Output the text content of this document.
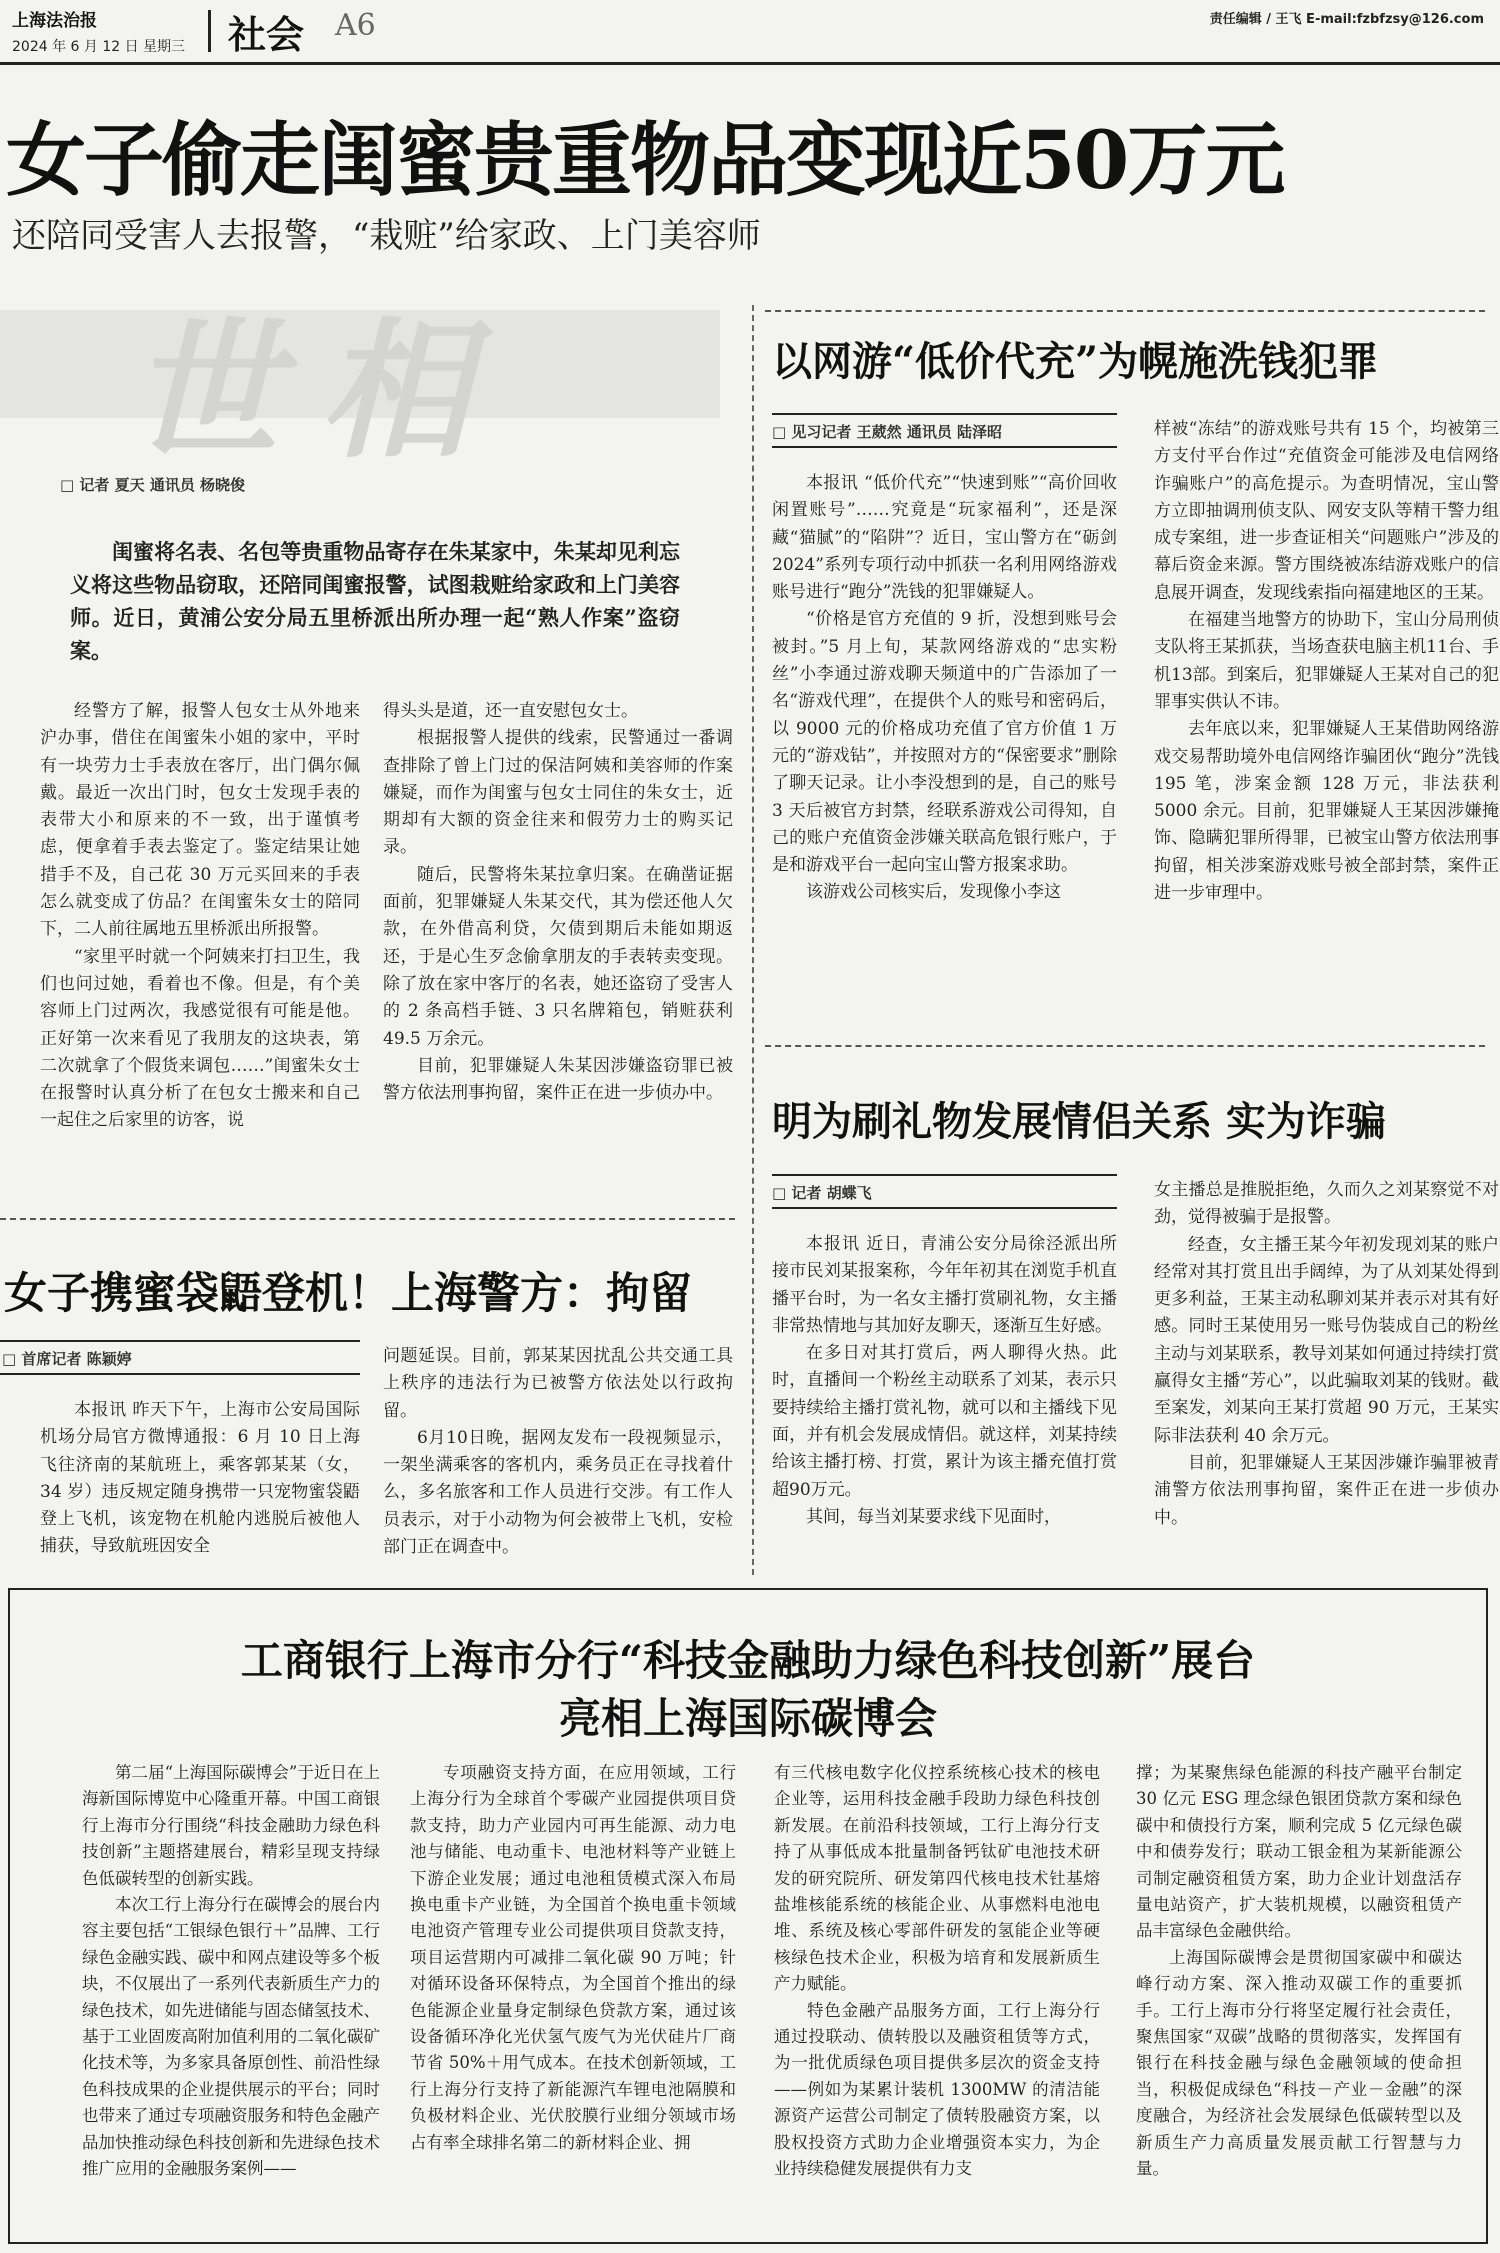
上海法治报
2024 年 6 月 12 日 星期三 社会 A6	责任编辑 / 王飞 E-mail:fzbfzsy@126.com
女子偷走闺蜜贵重物品变现近50万元
还陪同受害人去报警，“栽赃”给家政、上门美容师
世相
□ 记者 夏天 通讯员 杨晓俊
闺蜜将名表、名包等贵重物品寄存在朱某家中，朱某却见利忘义将这些物品窃取，还陪同闺蜜报警，试图栽赃给家政和上门美容师。近日，黄浦公安分局五里桥派出所办理一起“熟人作案”盗窃案。

经警方了解，报警人包女士从外地来沪办事，借住在闺蜜朱小姐的家中，平时有一块劳力士手表放在客厅，出门偶尔佩戴。最近一次出门时，包女士发现手表的表带大小和原来的不一致，出于谨慎考虑，便拿着手表去鉴定了。鉴定结果让她措手不及，自己花 30 万元买回来的手表怎么就变成了仿品？在闺蜜朱女士的陪同下，二人前往属地五里桥派出所报警。

“家里平时就一个阿姨来打扫卫生，我们也问过她，看着也不像。但是，有个美容师上门过两次，我感觉很有可能是他。正好第一次来看见了我朋友的这块表，第二次就拿了个假货来调包……”闺蜜朱女士在报警时认真分析了在包女士搬来和自己一起住之后家里的访客，说

得头头是道，还一直安慰包女士。

根据报警人提供的线索，民警通过一番调查排除了曾上门过的保洁阿姨和美容师的作案嫌疑，而作为闺蜜与包女士同住的朱女士，近期却有大额的资金往来和假劳力士的购买记录。

随后，民警将朱某拉拿归案。在确凿证据面前，犯罪嫌疑人朱某交代，其为偿还他人欠款，在外借高利贷，欠债到期后未能如期返还，于是心生歹念偷拿朋友的手表转卖变现。除了放在家中客厅的名表，她还盗窃了受害人的 2 条高档手链、3 只名牌箱包，销赃获利 49.5 万余元。

目前，犯罪嫌疑人朱某因涉嫌盗窃罪已被警方依法刑事拘留，案件正在进一步侦办中。

以网游“低价代充”为幌施洗钱犯罪
□ 见习记者 王葳然 通讯员 陆泽昭

本报讯 “低价代充”“快速到账”“高价回收闲置账号”……究竟是“玩家福利”，还是深藏“猫腻”的“陷阱”？近日，宝山警方在“砺剑 2024”系列专项行动中抓获一名利用网络游戏账号进行“跑分”洗钱的犯罪嫌疑人。

“价格是官方充值的 9 折，没想到账号会被封。”5 月上旬，某款网络游戏的“忠实粉丝”小李通过游戏聊天频道中的广告添加了一名“游戏代理”，在提供个人的账号和密码后，以 9000 元的价格成功充值了官方价值 1 万元的“游戏钻”，并按照对方的“保密要求”删除了聊天记录。让小李没想到的是，自己的账号 3 天后被官方封禁，经联系游戏公司得知，自己的账户充值资金涉嫌关联高危银行账户，于是和游戏平台一起向宝山警方报案求助。

该游戏公司核实后，发现像小李这

样被“冻结”的游戏账号共有 15 个，均被第三方支付平台作过“充值资金可能涉及电信网络诈骗账户”的高危提示。为查明情况，宝山警方立即抽调刑侦支队、网安支队等精干警力组成专案组，进一步查证相关“问题账户”涉及的幕后资金来源。警方围绕被冻结游戏账户的信息展开调查，发现线索指向福建地区的王某。

在福建当地警方的协助下，宝山分局刑侦支队将王某抓获，当场查获电脑主机11台、手机13部。到案后，犯罪嫌疑人王某对自己的犯罪事实供认不讳。

去年底以来，犯罪嫌疑人王某借助网络游戏交易帮助境外电信网络诈骗团伙“跑分”洗钱 195 笔，涉案金额 128 万元，非法获利 5000 余元。目前，犯罪嫌疑人王某因涉嫌掩饰、隐瞒犯罪所得罪，已被宝山警方依法刑事拘留，相关涉案游戏账号被全部封禁，案件正进一步审理中。

明为刷礼物发展情侣关系 实为诈骗
□ 记者 胡蝶飞

本报讯 近日，青浦公安分局徐泾派出所接市民刘某报案称，今年年初其在浏览手机直播平台时，为一名女主播打赏刷礼物，女主播非常热情地与其加好友聊天，逐渐互生好感。

在多日对其打赏后，两人聊得火热。此时，直播间一个粉丝主动联系了刘某，表示只要持续给主播打赏礼物，就可以和主播线下见面，并有机会发展成情侣。就这样，刘某持续给该主播打榜、打赏，累计为该主播充值打赏超90万元。

其间，每当刘某要求线下见面时，

女主播总是推脱拒绝，久而久之刘某察觉不对劲，觉得被骗于是报警。

经查，女主播王某今年初发现刘某的账户经常对其打赏且出手阔绰，为了从刘某处得到更多利益，王某主动私聊刘某并表示对其有好感。同时王某使用另一账号伪装成自己的粉丝主动与刘某联系，教导刘某如何通过持续打赏赢得女主播“芳心”，以此骗取刘某的钱财。截至案发，刘某向王某打赏超 90 万元，王某实际非法获利 40 余万元。

目前，犯罪嫌疑人王某因涉嫌诈骗罪被青浦警方依法刑事拘留，案件正在进一步侦办中。

女子携蜜袋鼯登机！上海警方：拘留
□ 首席记者 陈颖婷

本报讯 昨天下午，上海市公安局国际机场分局官方微博通报：6 月 10 日上海飞往济南的某航班上，乘客郭某某（女，34 岁）违反规定随身携带一只宠物蜜袋鼯登上飞机，该宠物在机舱内逃脱后被他人捕获，导致航班因安全

问题延误。目前，郭某某因扰乱公共交通工具上秩序的违法行为已被警方依法处以行政拘留。

6月10日晚，据网友发布一段视频显示，一架坐满乘客的客机内，乘务员正在寻找着什么，多名旅客和工作人员进行交涉。有工作人员表示，对于小动物为何会被带上飞机，安检部门正在调查中。

工商银行上海市分行“科技金融助力绿色科技创新”展台
亮相上海国际碳博会

第二届“上海国际碳博会”于近日在上海新国际博览中心隆重开幕。中国工商银行上海市分行围绕“科技金融助力绿色科技创新”主题搭建展台，精彩呈现支持绿色低碳转型的创新实践。

本次工行上海分行在碳博会的展台内容主要包括“工银绿色银行＋”品牌、工行绿色金融实践、碳中和网点建设等多个板块，不仅展出了一系列代表新质生产力的绿色技术，如先进储能与固态储氢技术、基于工业固废高附加值利用的二氧化碳矿化技术等，为多家具备原创性、前沿性绿色科技成果的企业提供展示的平台；同时也带来了通过专项融资服务和特色金融产品加快推动绿色科技创新和先进绿色技术推广应用的金融服务案例——

专项融资支持方面，在应用领域，工行上海分行为全球首个零碳产业园提供项目贷款支持，助力产业园内可再生能源、动力电池与储能、电动重卡、电池材料等产业链上下游企业发展；通过电池租赁模式深入布局换电重卡产业链，为全国首个换电重卡领域电池资产管理专业公司提供项目贷款支持，项目运营期内可减排二氧化碳 90 万吨；针对循环设备环保特点，为全国首个推出的绿色能源企业量身定制绿色贷款方案，通过该设备循环净化光伏氢气废气为光伏硅片厂商节省 50%＋用气成本。在技术创新领域，工行上海分行支持了新能源汽车锂电池隔膜和负极材料企业、光伏胶膜行业细分领域市场占有率全球排名第二的新材料企业、拥

有三代核电数字化仪控系统核心技术的核电企业等，运用科技金融手段助力绿色科技创新发展。在前沿科技领域，工行上海分行支持了从事低成本批量制备钙钛矿电池技术研发的研究院所、研发第四代核电技术钍基熔盐堆核能系统的核能企业、从事燃料电池电堆、系统及核心零部件研发的氢能企业等硬核绿色技术企业，积极为培育和发展新质生产力赋能。

特色金融产品服务方面，工行上海分行通过投联动、债转股以及融资租赁等方式，为一批优质绿色项目提供多层次的资金支持——例如为某累计装机 1300MW 的清洁能源资产运营公司制定了债转股融资方案，以股权投资方式助力企业增强资本实力，为企业持续稳健发展提供有力支

撑；为某聚焦绿色能源的科技产融平台制定 30 亿元 ESG 理念绿色银团贷款方案和绿色碳中和债投行方案，顺利完成 5 亿元绿色碳中和债券发行；联动工银金租为某新能源公司制定融资租赁方案，助力企业计划盘活存量电站资产，扩大装机规模，以融资租赁产品丰富绿色金融供给。

上海国际碳博会是贯彻国家碳中和碳达峰行动方案、深入推动双碳工作的重要抓手。工行上海市分行将坚定履行社会责任，聚焦国家“双碳”战略的贯彻落实，发挥国有银行在科技金融与绿色金融领域的使命担当，积极促成绿色“科技－产业－金融”的深度融合，为经济社会发展绿色低碳转型以及新质生产力高质量发展贡献工行智慧与力量。
